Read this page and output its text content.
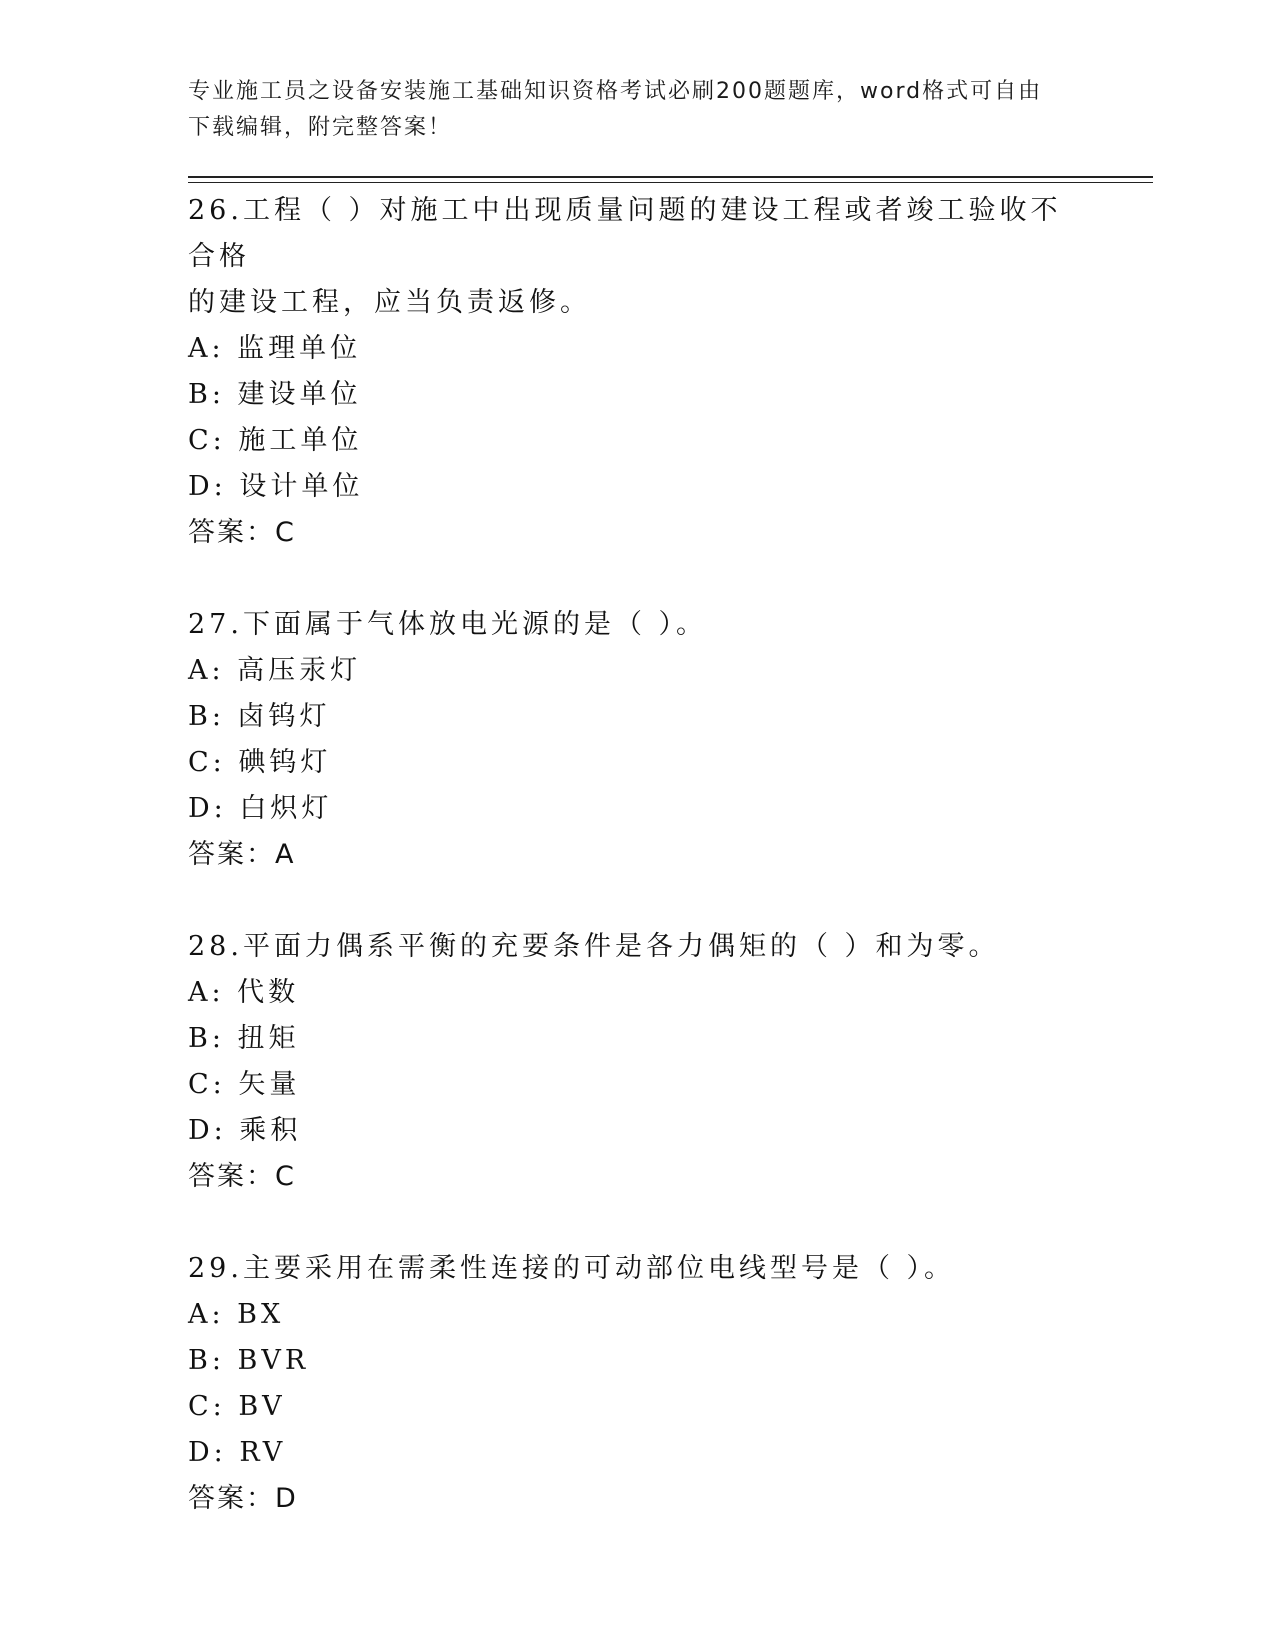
专业施工员之设备安装施工基础知识资格考试必刷200题题库，word格式可自由
下载编辑，附完整答案！

26.工程（ ）对施工中出现质量问题的建设工程或者竣工验收不合格

的建设工程，应当负责返修。

A: 监理单位

B: 建设单位

C: 施工单位

D: 设计单位

答案：C

27.下面属于气体放电光源的是（ ）。

A: 高压汞灯

B: 卤钨灯

C: 碘钨灯

D: 白炽灯

答案：A

28.平面力偶系平衡的充要条件是各力偶矩的（ ）和为零。

A: 代数

B: 扭矩

C: 矢量

D: 乘积

答案：C

29.主要采用在需柔性连接的可动部位电线型号是（ ）。

A: BX

B: BVR

C: BV

D: RV

答案：D
